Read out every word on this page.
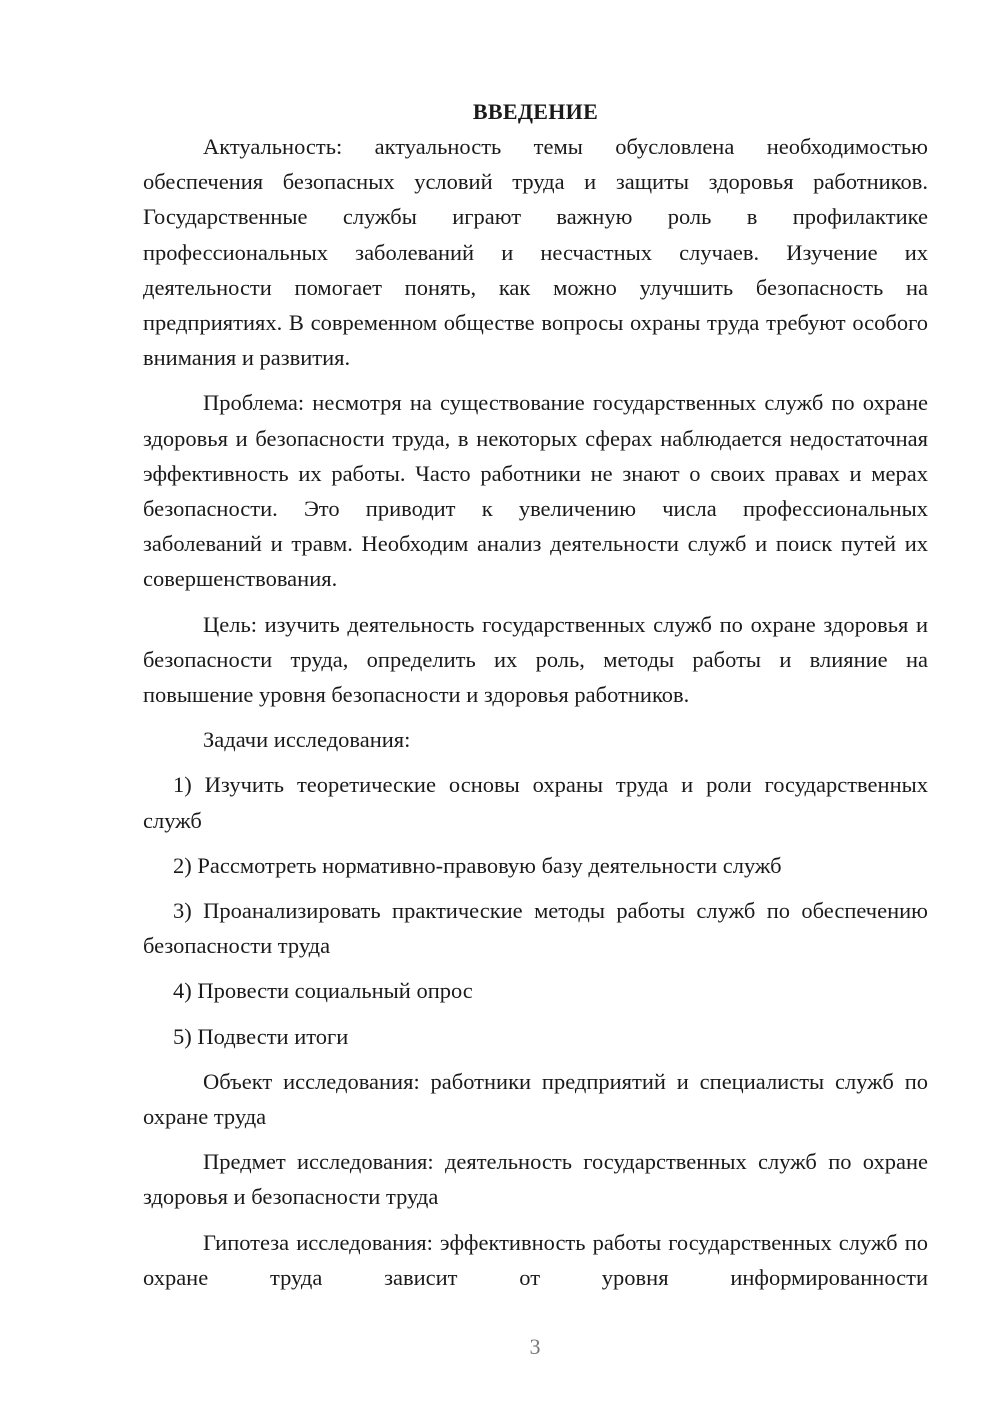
ВВЕДЕНИЕ

Актуальность: актуальность темы обусловлена необходимостью обеспечения безопасных условий труда и защиты здоровья работников. Государственные службы играют важную роль в профилактике профессиональных заболеваний и несчастных случаев. Изучение их деятельности помогает понять, как можно улучшить безопасность на предприятиях. В современном обществе вопросы охраны труда требуют особого внимания и развития.

Проблема: несмотря на существование государственных служб по охране здоровья и безопасности труда, в некоторых сферах наблюдается недостаточная эффективность их работы. Часто работники не знают о своих правах и мерах безопасности. Это приводит к увеличению числа профессиональных заболеваний и травм. Необходим анализ деятельности служб и поиск путей их совершенствования.

Цель: изучить деятельность государственных служб по охране здоровья и безопасности труда, определить их роль, методы работы и влияние на повышение уровня безопасности и здоровья работников.

Задачи исследования:

1) Изучить теоретические основы охраны труда и роли государственных служб

2) Рассмотреть нормативно-правовую базу деятельности служб

3) Проанализировать практические методы работы служб по обеспечению безопасности труда

4) Провести социальный опрос

5) Подвести итоги

Объект исследования: работники предприятий и специалисты служб по охране труда

Предмет исследования: деятельность государственных служб по охране здоровья и безопасности труда

Гипотеза исследования: эффективность работы государственных служб по охране труда зависит от уровня информированности

3
